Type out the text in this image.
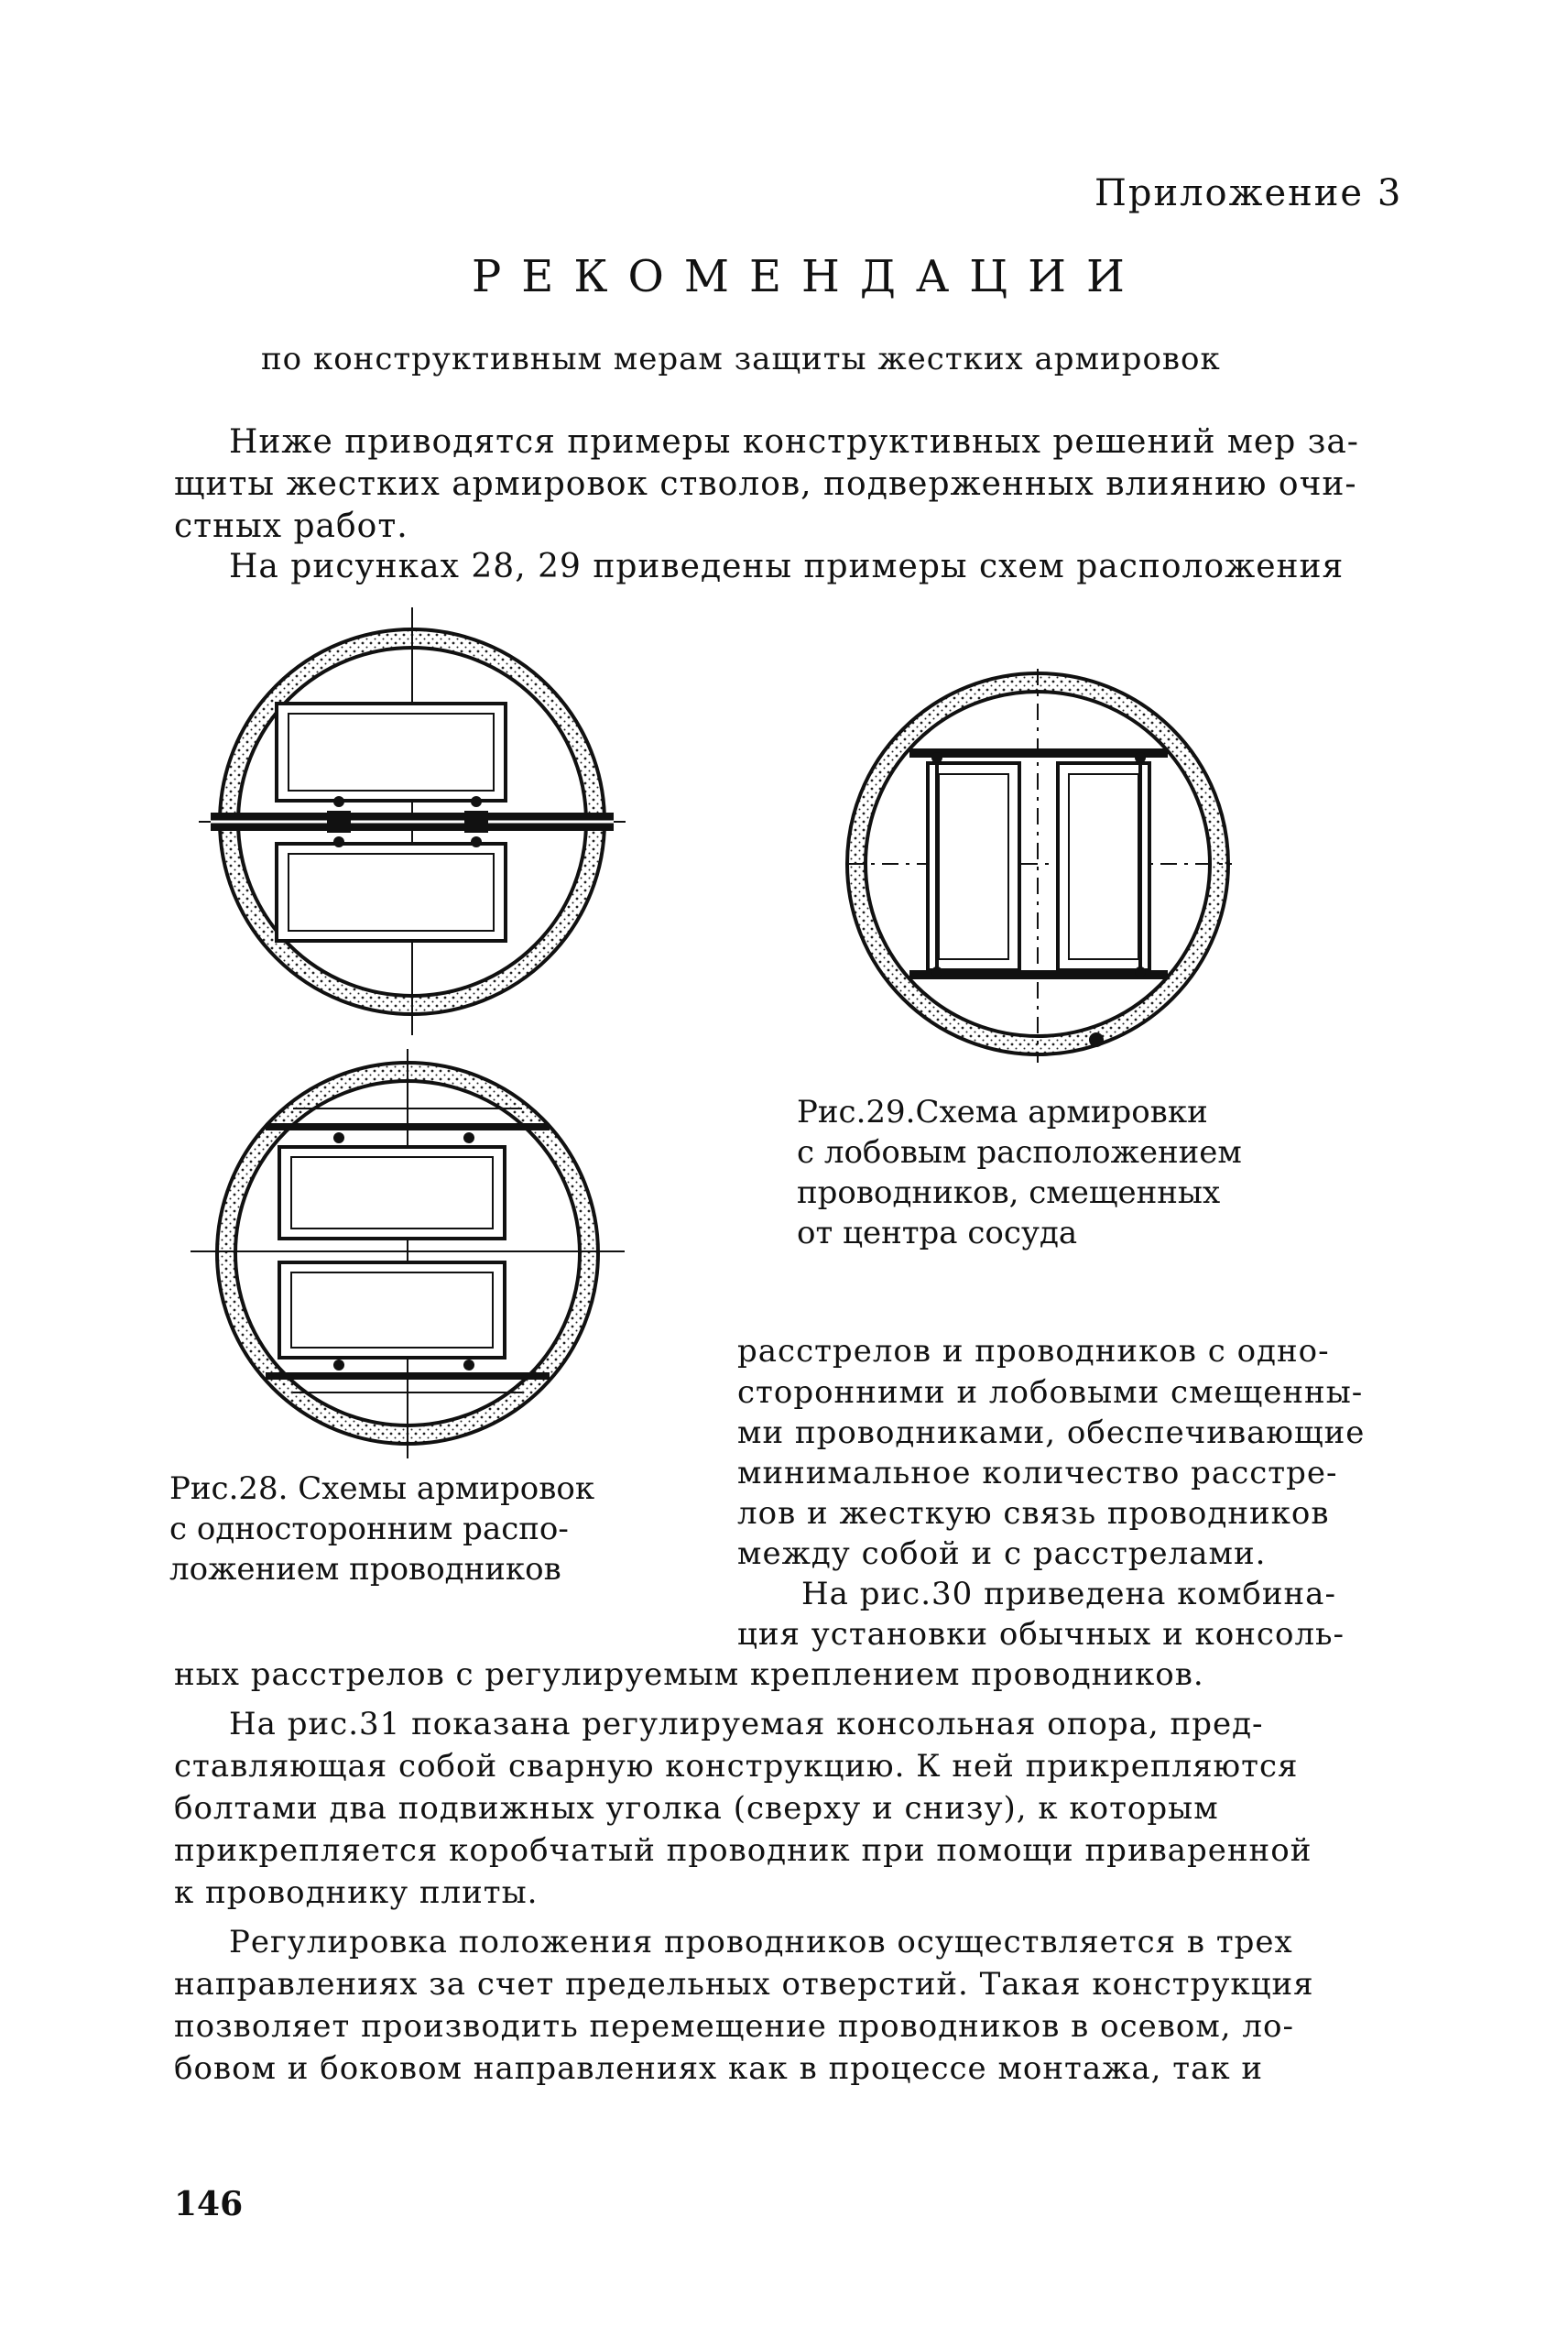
Приложение 3
РЕКОМЕНДАЦИИ
по конструктивным мерам защиты жестких армировок
Ниже приводятся примеры конструктивных решений мер за-
щиты жестких армировок стволов, подверженных влиянию очи-
стных работ.
На рисунках 28, 29 приведены примеры схем расположения
Рис.29.Схема армировки
с лобовым расположением
проводников, смещенных
от центра сосуда
Рис.28. Схемы армировок
с односторонним распо-
ложением проводников
расстрелов и проводников с одно-
сторонними и лобовыми смещенны-
ми проводниками, обеспечивающие
минимальное количество расстре-
лов и жесткую связь проводников
между собой и с расстрелами.
На рис.30 приведена комбина-
ция установки обычных и консоль-
ных расстрелов с регулируемым креплением проводников.
На рис.31 показана регулируемая консольная опора, пред-
ставляющая собой сварную конструкцию. К ней прикрепляются
болтами два подвижных уголка (сверху и снизу), к которым
прикрепляется коробчатый проводник при помощи приваренной
к проводнику плиты.
Регулировка положения проводников осуществляется в трех
направлениях за счет предельных отверстий. Такая конструкция
позволяет производить перемещение проводников в осевом, ло-
бовом и боковом направлениях как в процессе монтажа, так и
146
